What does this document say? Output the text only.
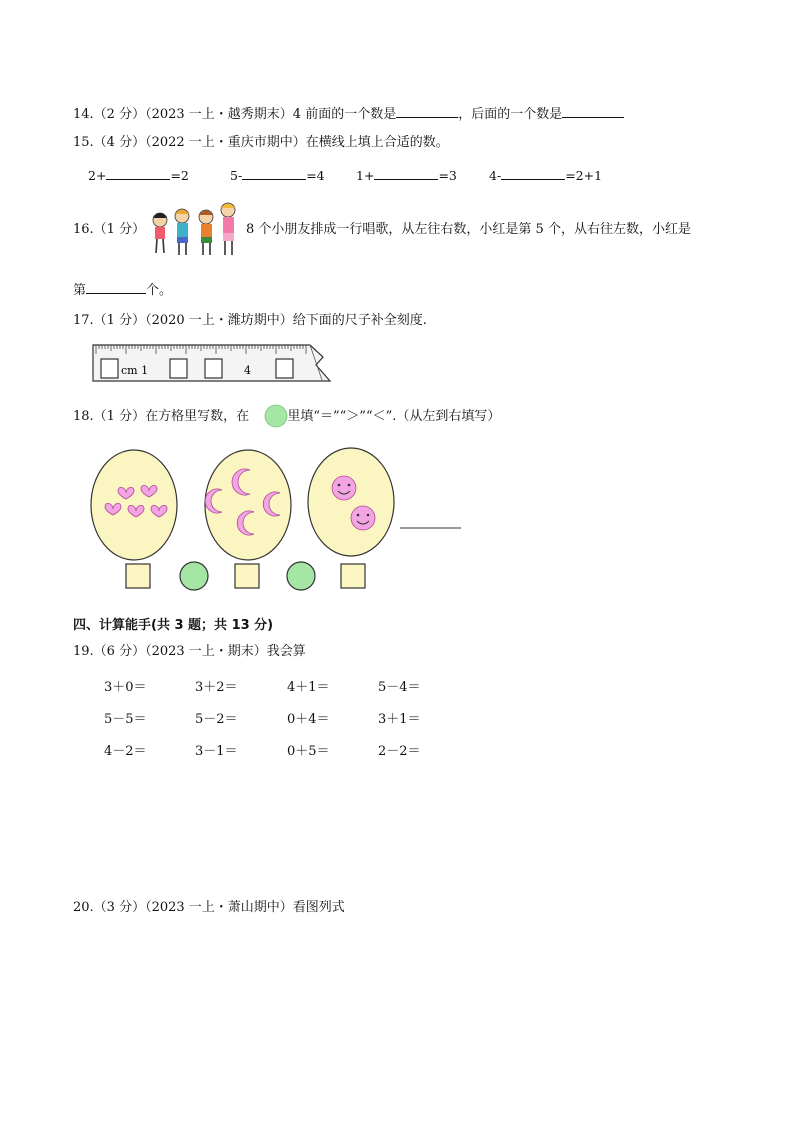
14.（2 分）（2023 一上・越秀期末）4 前面的一个数是	，后面的一个数是
15.（4 分）（2022 一上・重庆市期中）在横线上填上合适的数。
2+	=2	5-	=4	1+	=3	4-	=2+1
16.（1 分）	8 个小朋友排成一行唱歌，从左往右数，小红是第 5 个，从右往左数，小红是
第	个。
17.（1 分）（2020 一上・潍坊期中）给下面的尺子补全刻度.
cm 1	4
18.（1 分）在方格里写数，在	里填“＝”“＞”“＜”.（从左到右填写）
四、计算能手(共 3 题；共 13 分)
19.（6 分）（2023 一上・期末）我会算
3＋0＝	3＋2＝	4＋1＝	5－4＝
5－5＝	5－2＝	0＋4＝	3＋1＝
4－2＝	3－1＝	0＋5＝	2－2＝
20.（3 分）（2023 一上・萧山期中）看图列式
